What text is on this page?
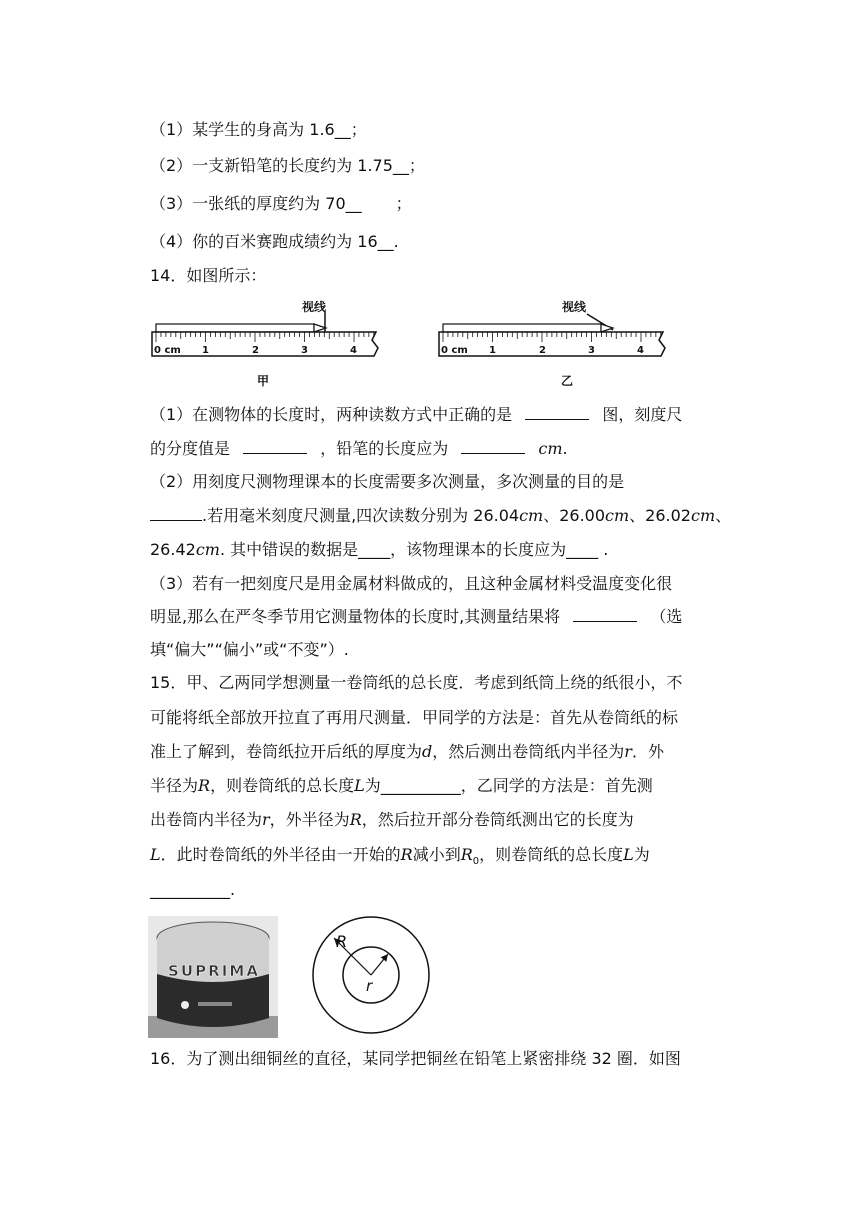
（1）某学生的身高为 1.6__；
（2）一支新铅笔的长度约为 1.75__；
（3）一张纸的厚度约为 70__ ；
（4）你的百米赛跑成绩约为 16__.
14．如图所示：
视线
0 cm 1	2	3	4
甲
视线
0 cm 1	2	3	4
乙
（1）在测物体的长度时，两种读数方式中正确的是	图，刻度尺
的分度值是	，铅笔的长度应为	cm.
（2）用刻度尺测物理课本的长度需要多次测量，多次测量的目的是
.若用毫米刻度尺测量,四次读数分别为 26.04cm、26.00cm、26.02cm、
26.42cm. 其中错误的数据是____，该物理课本的长度应为____ .
（3）若有一把刻度尺是用金属材料做成的，且这种金属材料受温度变化很
明显,那么在严冬季节用它测量物体的长度时,其测量结果将	（选
填“偏大”“偏小”或“不变”）.
15．甲、乙两同学想测量一卷筒纸的总长度．考虑到纸筒上绕的纸很小，不
可能将纸全部放开拉直了再用尺测量．甲同学的方法是：首先从卷筒纸的标
准上了解到，卷筒纸拉开后纸的厚度为d，然后测出卷筒纸内半径为r．外
半径为R，则卷筒纸的总长度L为__________，乙同学的方法是：首先测
出卷筒内半径为r，外半径为R，然后拉开部分卷筒纸测出它的长度为
L．此时卷筒纸的外半径由一开始的R减小到$R_0$，则卷筒纸的总长度L为
__________.
SUPRIMA
R
r
16．为了测出细铜丝的直径，某同学把铜丝在铅笔上紧密排绕 32 圈．如图
